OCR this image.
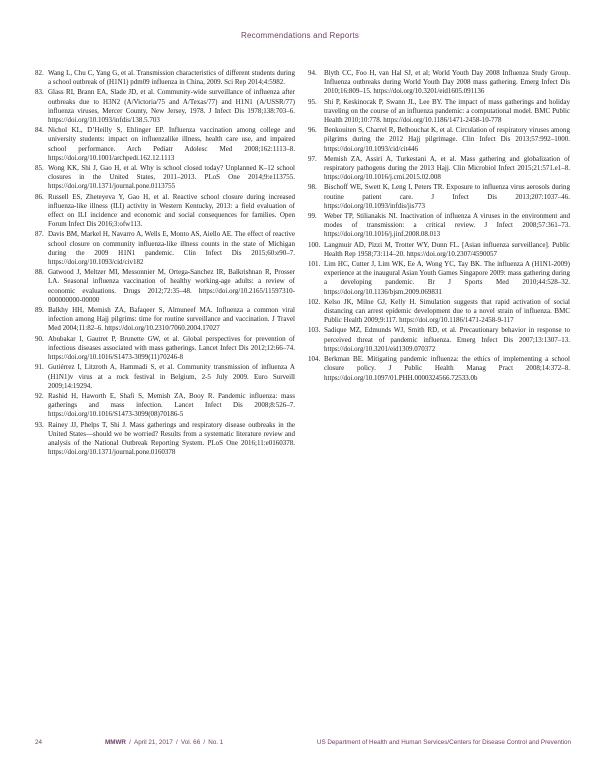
Recommendations and Reports
82. Wang L, Chu C, Yang G, et al. Transmission characteristics of different students during a school outbreak of (H1N1) pdm09 influenza in China, 2009. Sci Rep 2014;4:5982.
83. Glass RI, Brann EA, Slade JD, et al. Community-wide surveillance of influenza after outbreaks due to H3N2 (A/Victoria/75 and A/Texas/77) and H1N1 (A/USSR/77) influenza viruses, Mercer County, New Jersey, 1978. J Infect Dis 1978;138:703–6. https://doi.org/10.1093/infdis/138.5.703
84. Nichol KL, D’Heilly S, Ehlinger EP. Influenza vaccination among college and university students: impact on influenzalike illness, health care use, and impaired school performance. Arch Pediatr Adolesc Med 2008;162:1113–8. https://doi.org/10.1001/archpedi.162.12.1113
85. Wong KK, Shi J, Gao H, et al. Why is school closed today? Unplanned K–12 school closures in the United States, 2011–2013. PLoS One 2014;9:e113755. https://doi.org/10.1371/journal.pone.0113755
86. Russell ES, Zheteyeva Y, Gao H, et al. Reactive school closure during increased influenza-like illness (ILI) activity in Western Kentucky, 2013: a field evaluation of effect on ILI incidence and economic and social consequences for families. Open Forum Infect Dis 2016;3:ofw113.
87. Davis BM, Markel H, Navarro A, Wells E, Monto AS, Aiello AE. The effect of reactive school closure on community influenza-like illness counts in the state of Michigan during the 2009 H1N1 pandemic. Clin Infect Dis 2015;60:e90–7. https://doi.org/10.1093/cid/civ182
88. Gatwood J, Meltzer MI, Messonnier M, Ortega-Sanchez IR, Balkrishnan R, Prosser LA. Seasonal influenza vaccination of healthy working-age adults: a review of economic evaluations. Drugs 2012;72:35–48. https://doi.org/10.2165/11597310-000000000-00000
89. Balkhy HH, Memish ZA, Bafaqeer S, Almuneef MA. Influenza a common viral infection among Hajj pilgrims: time for routine surveillance and vaccination. J Travel Med 2004;11:82–6. https://doi.org/10.2310/7060.2004.17027
90. Abubakar I, Gautret P, Brunette GW, et al. Global perspectives for prevention of infectious diseases associated with mass gatherings. Lancet Infect Dis 2012;12:66–74. https://doi.org/10.1016/S1473-3099(11)70246-8
91. Gutiérrez I, Litzroth A, Hammadi S, et al. Community transmission of influenza A (H1N1)v virus at a rock festival in Belgium, 2-5 July 2009. Euro Surveill 2009;14:19294.
92. Rashid H, Haworth E, Shafi S, Memish ZA, Booy R. Pandemic influenza: mass gatherings and mass infection. Lancet Infect Dis 2008;8:526–7. https://doi.org/10.1016/S1473-3099(08)70186-5
93. Rainey JJ, Phelps T, Shi J. Mass gatherings and respiratory disease outbreaks in the United States—should we be worried? Results from a systematic literature review and analysis of the National Outbreak Reporting System. PLoS One 2016;11:e0160378. https://doi.org/10.1371/journal.pone.0160378
94. Blyth CC, Foo H, van Hal SJ, et al; World Youth Day 2008 Influenza Study Group. Influenza outbreaks during World Youth Day 2008 mass gathering. Emerg Infect Dis 2010;16:809–15. https://doi.org/10.3201/eid1605.091136
95. Shi P, Keskinocak P, Swann JL, Lee BY. The impact of mass gatherings and holiday traveling on the course of an influenza pandemic: a computational model. BMC Public Health 2010;10:778. https://doi.org/10.1186/1471-2458-10-778
96. Benkouiten S, Charrel R, Belhouchat K, et al. Circulation of respiratory viruses among pilgrims during the 2012 Hajj pilgrimage. Clin Infect Dis 2013;57:992–1000. https://doi.org/10.1093/cid/cit446
97. Memish ZA, Assiri A, Turkestani A, et al. Mass gathering and globalization of respiratory pathogens during the 2013 Hajj. Clin Microbiol Infect 2015;21:571.e1–8. https://doi.org/10.1016/j.cmi.2015.02.008
98. Bischoff WE, Swett K, Leng I, Peters TR. Exposure to influenza virus aerosols during routine patient care. J Infect Dis 2013;207:1037–46. https://doi.org/10.1093/infdis/jis773
99. Weber TP, Stilianakis NI. Inactivation of influenza A viruses in the environment and modes of transmission: a critical review. J Infect 2008;57:361–73. https://doi.org/10.1016/j.jinf.2008.08.013
100. Langmuir AD, Pizzi M, Trotter WY, Dunn FL. [Asian influenza surveillance]. Public Health Rep 1958;73:114–20. https://doi.org/10.2307/4590057
101. Lim HC, Cutter J, Lim WK, Ee A, Wong YC, Tay BK. The influenza A (H1N1-2009) experience at the inaugural Asian Youth Games Singapore 2009: mass gathering during a developing pandemic. Br J Sports Med 2010;44:528–32. https://doi.org/10.1136/bjsm.2009.069831
102. Kelso JK, Milne GJ, Kelly H. Simulation suggests that rapid activation of social distancing can arrest epidemic development due to a novel strain of influenza. BMC Public Health 2009;9:117. https://doi.org/10.1186/1471-2458-9-117
103. Sadique MZ, Edmunds WJ, Smith RD, et al. Precautionary behavior in response to perceived threat of pandemic influenza. Emerg Infect Dis 2007;13:1307–13. https://doi.org/10.3201/eid1309.070372
104. Berkman BE. Mitigating pandemic influenza: the ethics of implementing a school closure policy. J Public Health Manag Pract 2008;14:372–8. https://doi.org/10.1097/01.PHH.0000324566.72533.0b
24	MMWR / April 21, 2017 / Vol. 66 / No. 1	US Department of Health and Human Services/Centers for Disease Control and Prevention
